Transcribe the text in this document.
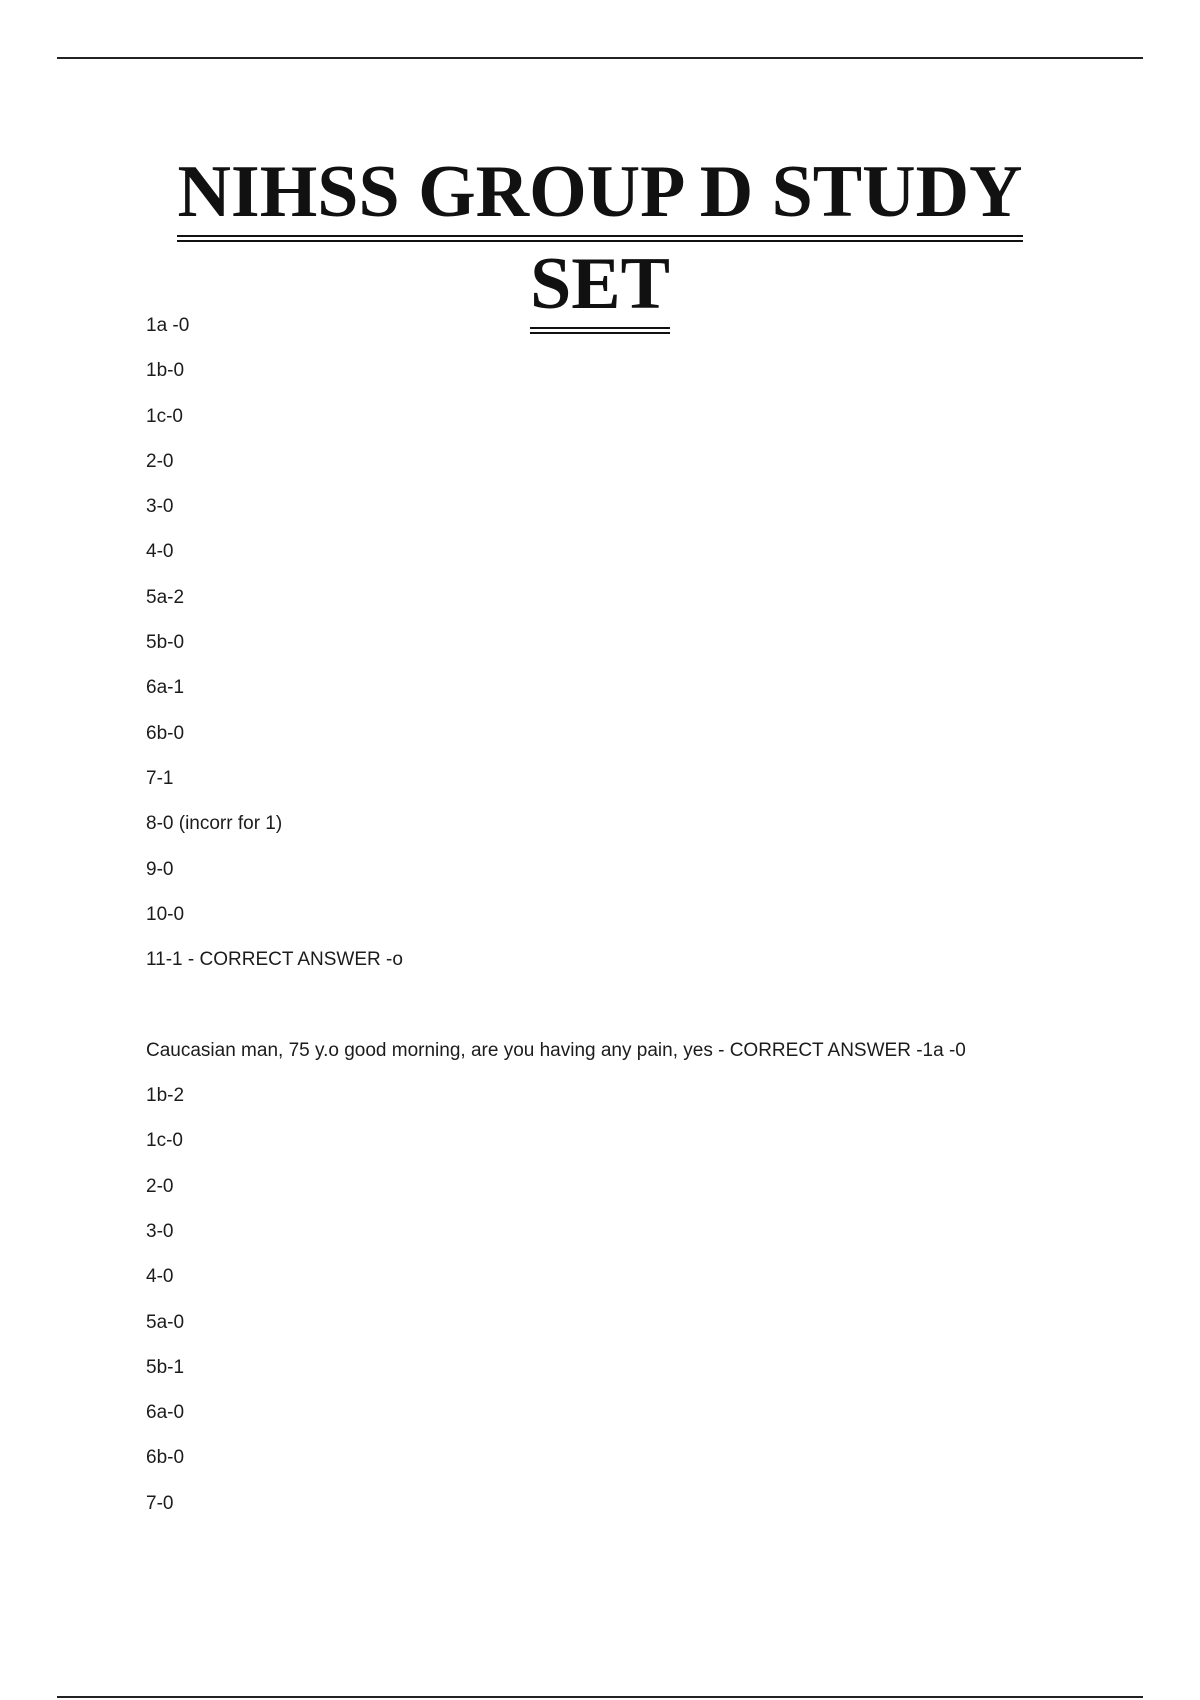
NIHSS GROUP D STUDY
SET
1a -0
1b-0
1c-0
2-0
3-0
4-0
5a-2
5b-0
6a-1
6b-0
7-1
8-0 (incorr for 1)
9-0
10-0
11-1 - CORRECT ANSWER -o
Caucasian man, 75 y.o good morning, are you having any pain, yes - CORRECT ANSWER -1a -0
1b-2
1c-0
2-0
3-0
4-0
5a-0
5b-1
6a-0
6b-0
7-0
